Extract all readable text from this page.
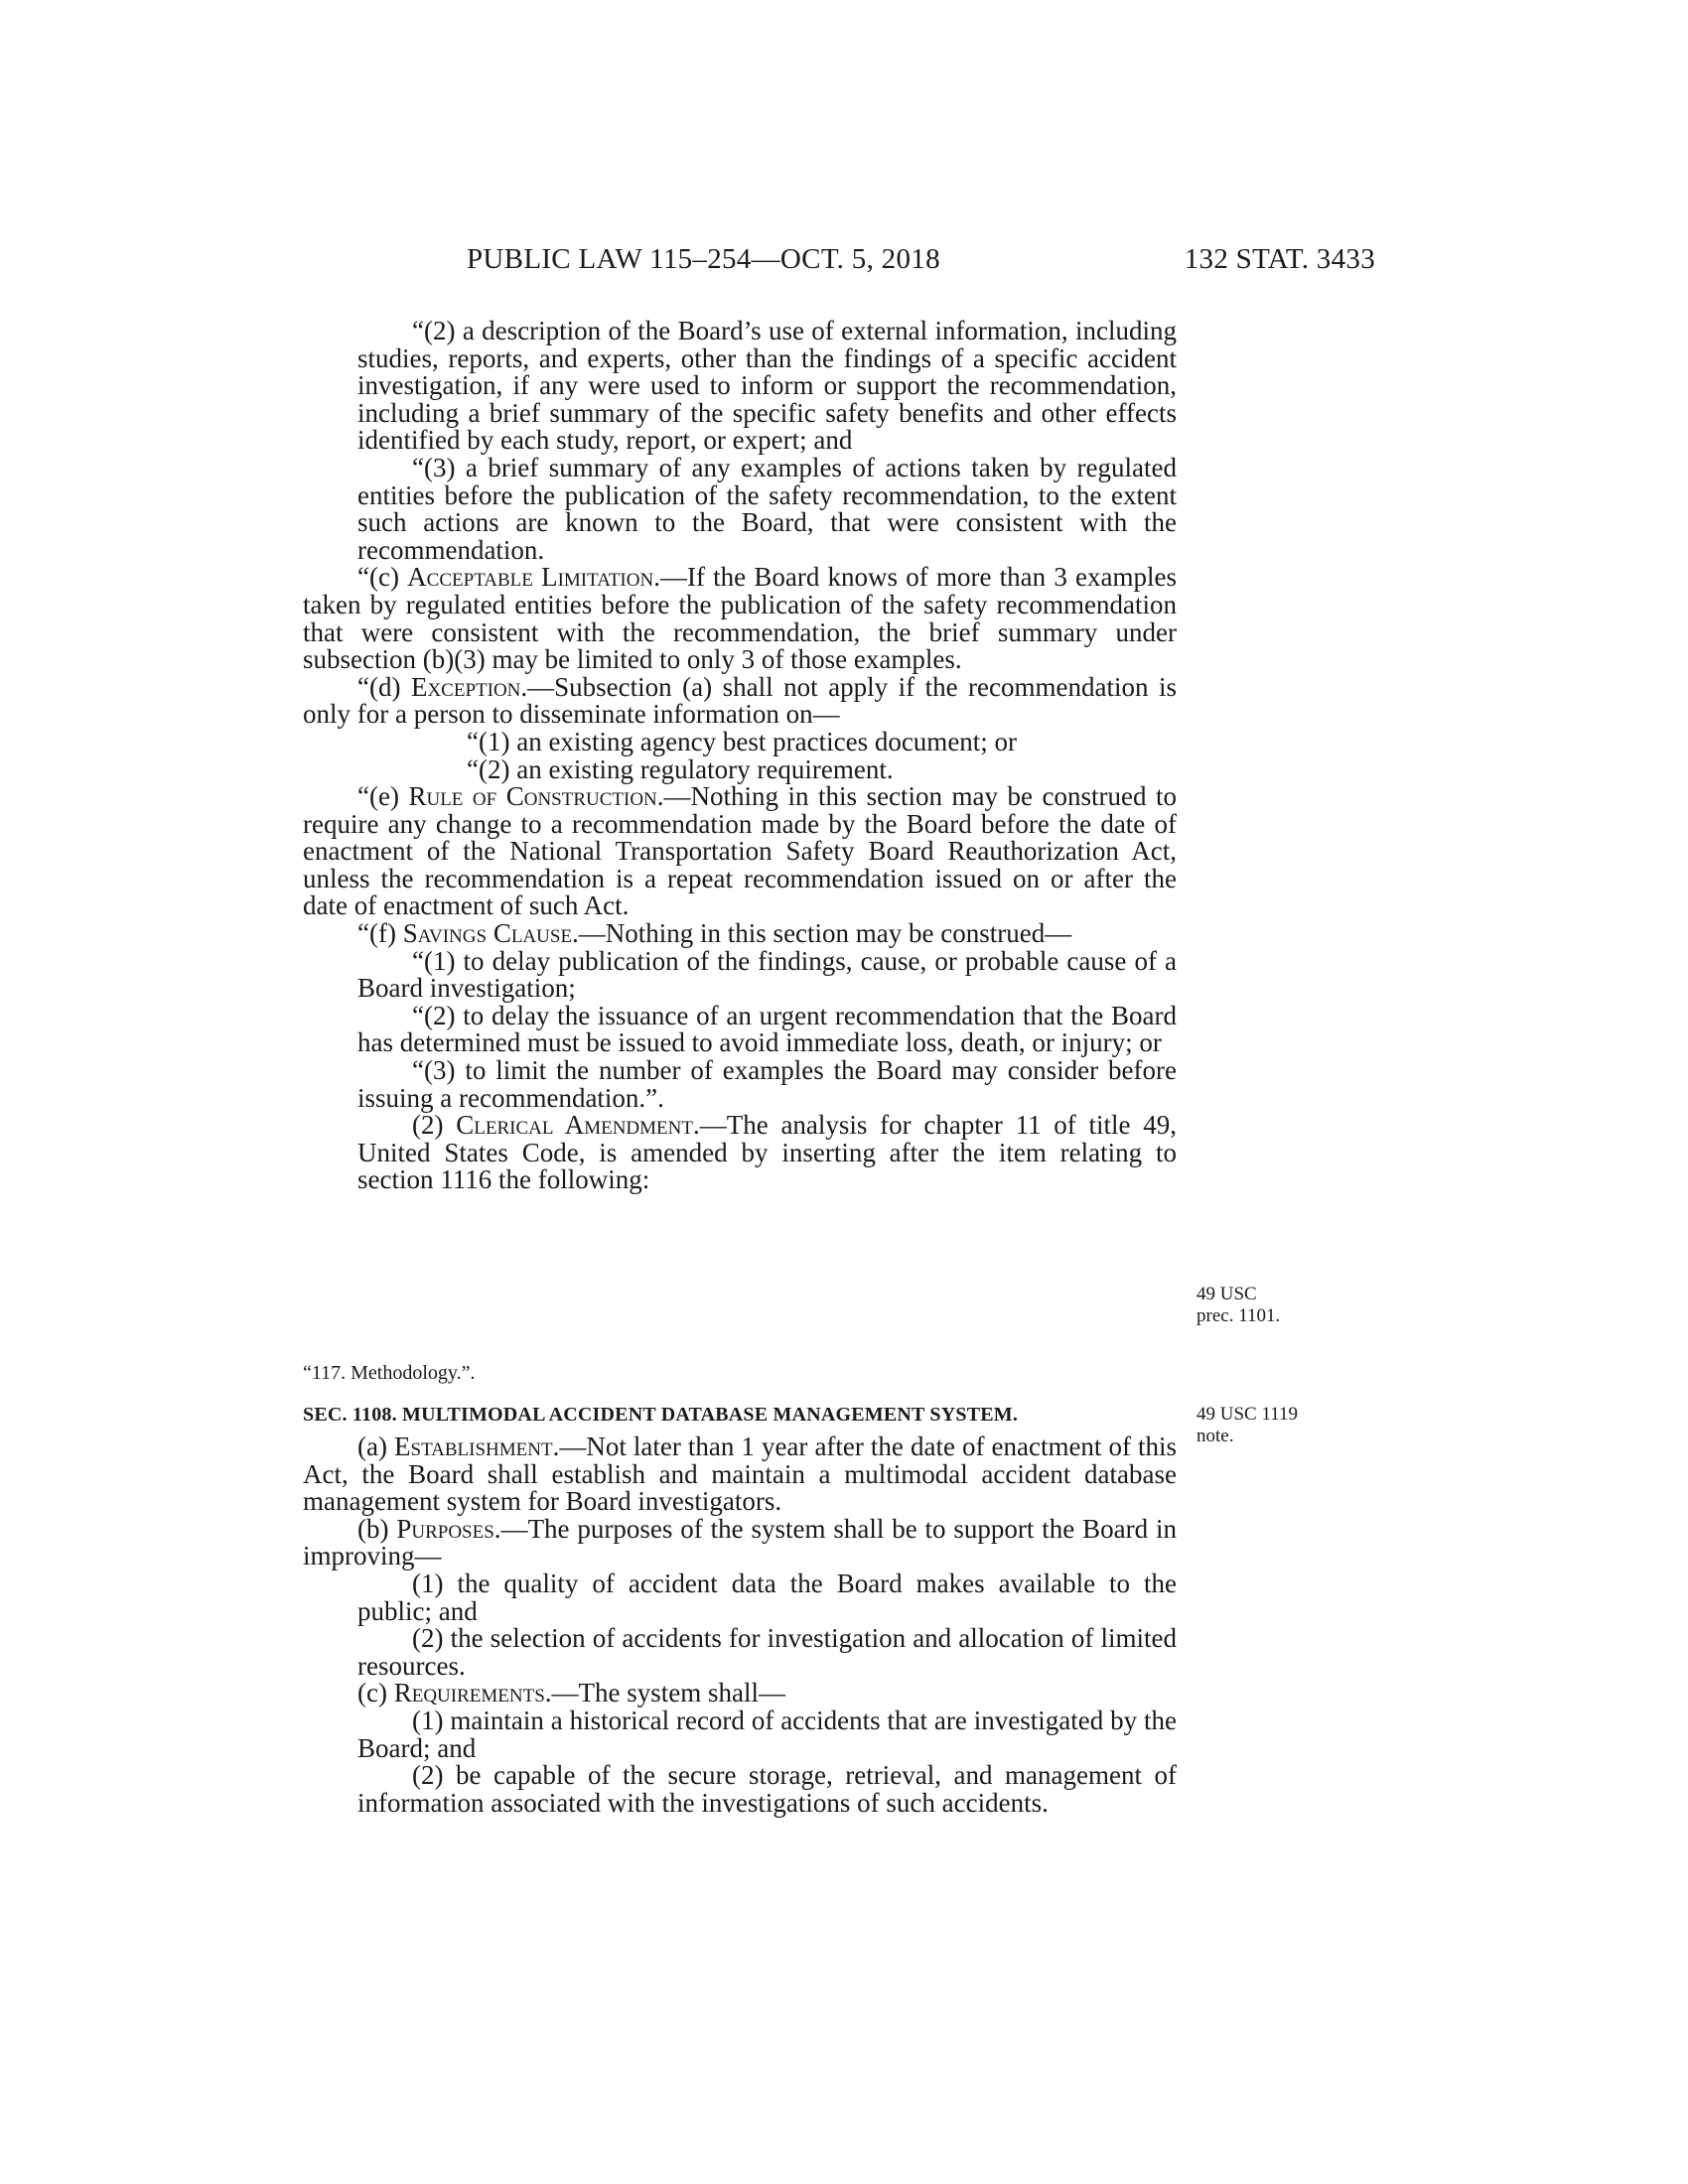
PUBLIC LAW 115–254—OCT. 5, 2018	132 STAT. 3433

“(2) a description of the Board’s use of external information, including studies, reports, and experts, other than the findings of a specific accident investigation, if any were used to inform or support the recommendation, including a brief summary of the specific safety benefits and other effects identified by each study, report, or expert; and

“(3) a brief summary of any examples of actions taken by regulated entities before the publication of the safety recommendation, to the extent such actions are known to the Board, that were consistent with the recommendation.

“(c) Acceptable Limitation.—If the Board knows of more than 3 examples taken by regulated entities before the publication of the safety recommendation that were consistent with the recommendation, the brief summary under subsection (b)(3) may be limited to only 3 of those examples.

“(d) Exception.—Subsection (a) shall not apply if the recommendation is only for a person to disseminate information on—

“(1) an existing agency best practices document; or

“(2) an existing regulatory requirement.

“(e) Rule of Construction.—Nothing in this section may be construed to require any change to a recommendation made by the Board before the date of enactment of the National Transportation Safety Board Reauthorization Act, unless the recommendation is a repeat recommendation issued on or after the date of enactment of such Act.

“(f) Savings Clause.—Nothing in this section may be construed—

“(1) to delay publication of the findings, cause, or probable cause of a Board investigation;

“(2) to delay the issuance of an urgent recommendation that the Board has determined must be issued to avoid immediate loss, death, or injury; or

“(3) to limit the number of examples the Board may consider before issuing a recommendation.”.

(2) Clerical Amendment.—The analysis for chapter 11 of title 49, United States Code, is amended by inserting after the item relating to section 1116 the following:

49 USC
prec. 1101.
“117. Methodology.”.
SEC. 1108. MULTIMODAL ACCIDENT DATABASE MANAGEMENT SYSTEM.	49 USC 1119
note.

(a) Establishment.—Not later than 1 year after the date of enactment of this Act, the Board shall establish and maintain a multimodal accident database management system for Board investigators.

(b) Purposes.—The purposes of the system shall be to support the Board in improving—

(1) the quality of accident data the Board makes available to the public; and

(2) the selection of accidents for investigation and allocation of limited resources.

(c) Requirements.—The system shall—

(1) maintain a historical record of accidents that are investigated by the Board; and

(2) be capable of the secure storage, retrieval, and management of information associated with the investigations of such accidents.
